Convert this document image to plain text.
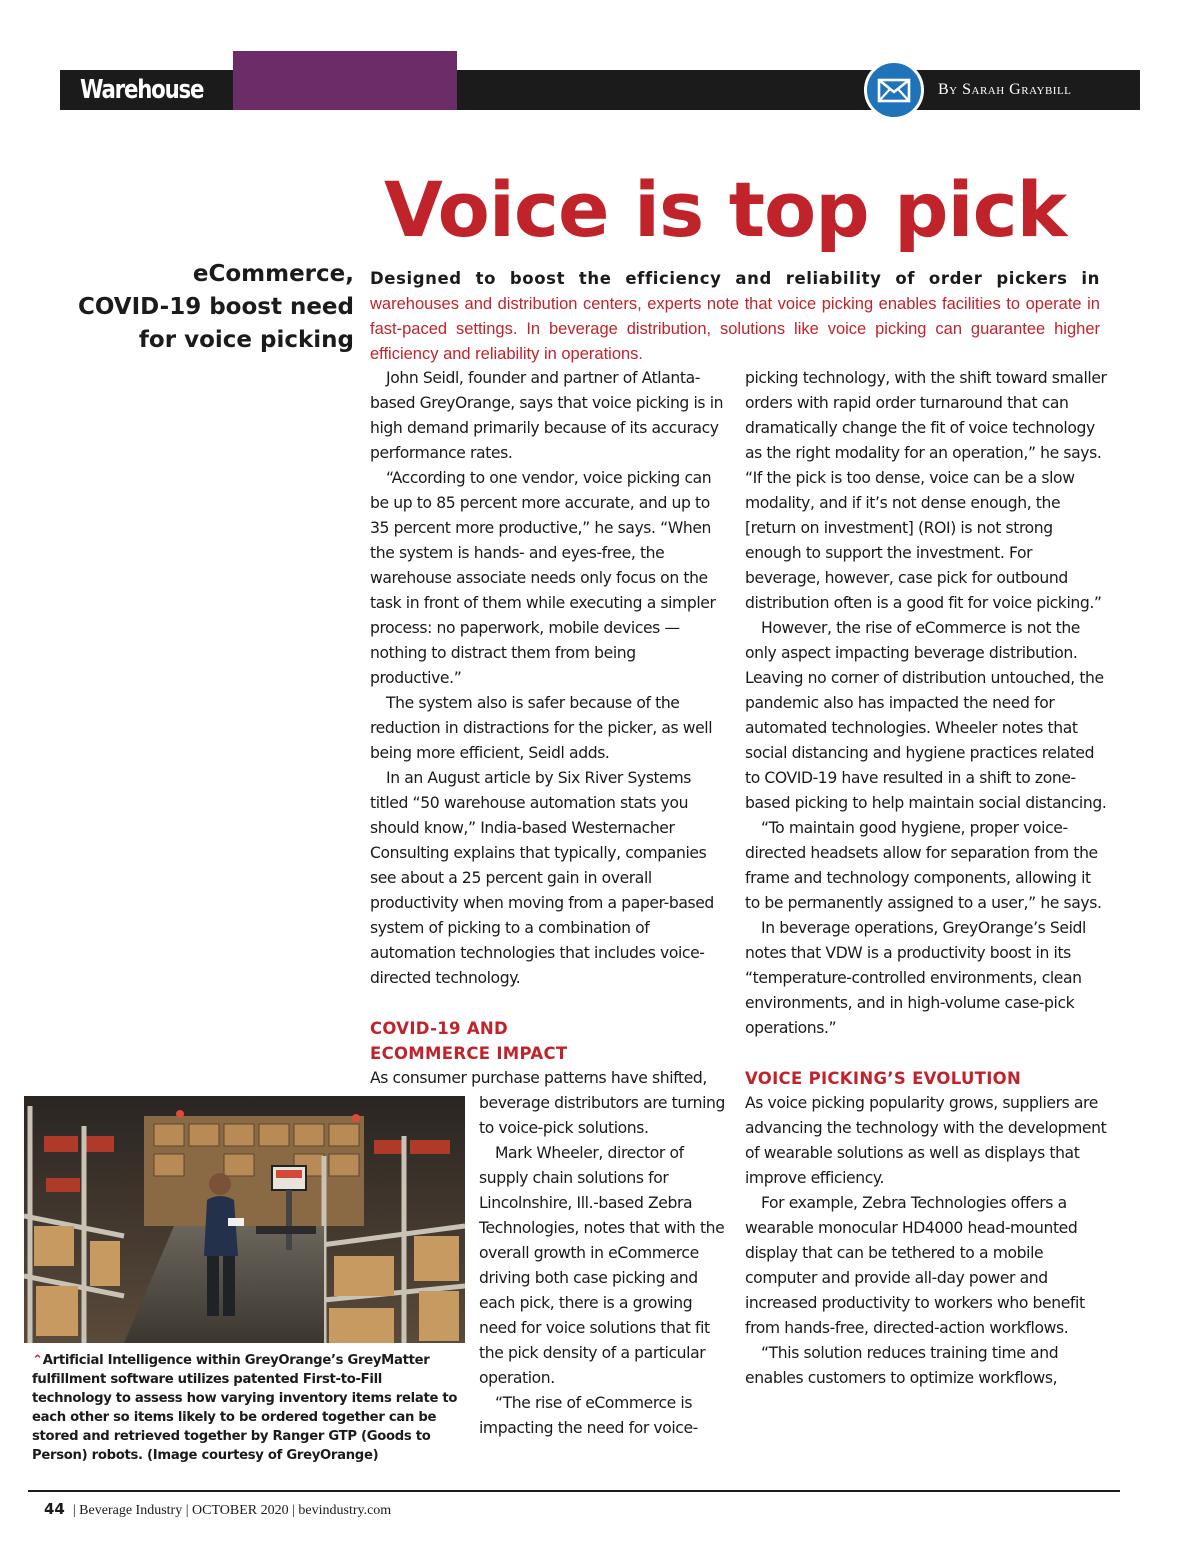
Warehouse	By Sarah Graybill
Voice is top pick
eCommerce,
COVID-19 boost need
for voice picking
Designed to boost the efficiency and reliability of order pickers in warehouses and distribution centers, experts note that voice picking enables facilities to operate in fast-paced settings. In beverage distribution, solutions like voice picking can guarantee higher efficiency and reliability in operations.

John Seidl, founder and partner of Atlanta-based GreyOrange, says that voice picking is in high demand primarily because of its accuracy performance rates.

“According to one vendor, voice picking can be up to 85 percent more accurate, and up to 35 percent more productive,” he says. “When the system is hands- and eyes-free, the warehouse associate needs only focus on the task in front of them while executing a simpler process: no paperwork, mobile devices — nothing to distract them from being productive.”

The system also is safer because of the reduction in distractions for the picker, as well being more efficient, Seidl adds.

In an August article by Six River Systems titled “50 warehouse automation stats you should know,” India-based Westernacher Consulting explains that typically, companies see about a 25 percent gain in overall productivity when moving from a paper-based system of picking to a combination of automation technologies that includes voice-directed technology.

COVID-19 AND
ECOMMERCE IMPACT

As consumer purchase patterns have shifted,

beverage distributors are turning to voice-pick solutions.

Mark Wheeler, director of supply chain solutions for Lincolnshire, Ill.-based Zebra Technologies, notes that with the overall growth in eCommerce driving both case picking and each pick, there is a growing need for voice solutions that fit the pick density of a particular operation.

“The rise of eCommerce is impacting the need for voice-

picking technology, with the shift toward smaller orders with rapid order turnaround that can dramatically change the fit of voice technology as the right modality for an operation,” he says. “If the pick is too dense, voice can be a slow modality, and if it’s not dense enough, the [return on investment] (ROI) is not strong enough to support the investment. For beverage, however, case pick for outbound distribution often is a good fit for voice picking.”

However, the rise of eCommerce is not the only aspect impacting beverage distribution. Leaving no corner of distribution untouched, the pandemic also has impacted the need for automated technologies. Wheeler notes that social distancing and hygiene practices related to COVID-19 have resulted in a shift to zone-based picking to help maintain social distancing.

“To maintain good hygiene, proper voice-directed headsets allow for separation from the frame and technology components, allowing it to be permanently assigned to a user,” he says.

In beverage operations, GreyOrange’s Seidl notes that VDW is a productivity boost in its “temperature-controlled environments, clean environments, and in high-volume case-pick operations.”

VOICE PICKING’S EVOLUTION

As voice picking popularity grows, suppliers are advancing the technology with the development of wearable solutions as well as displays that improve efficiency.

For example, Zebra Technologies offers a wearable monocular HD4000 head-mounted display that can be tethered to a mobile computer and provide all-day power and increased productivity to workers who benefit from hands-free, directed-action workflows.

“This solution reduces training time and enables customers to optimize workflows,

⌃Artificial Intelligence within GreyOrange’s GreyMatter fulfillment software utilizes patented First-to-Fill technology to assess how varying inventory items relate to each other so items likely to be ordered together can be stored and retrieved together by Ranger GTP (Goods to Person) robots. (Image courtesy of GreyOrange)
44 | Beverage Industry | OCTOBER 2020 | bevindustry.com
